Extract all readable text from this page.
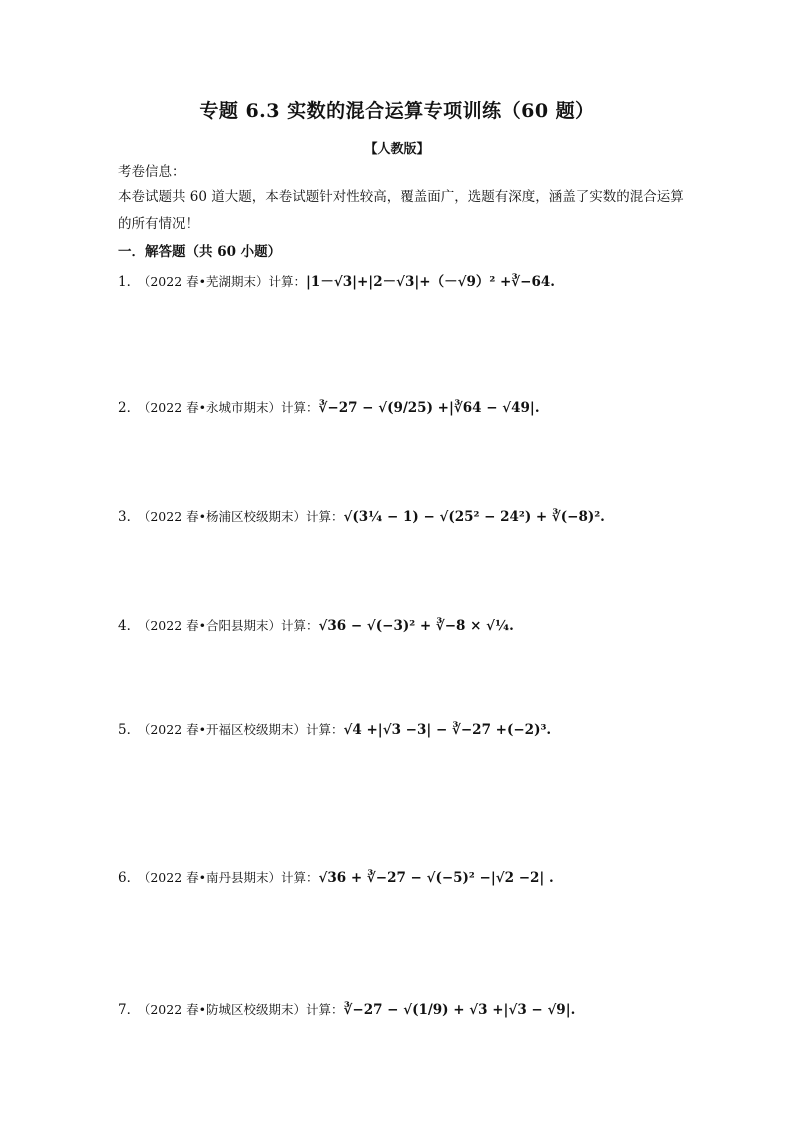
专题 6.3 实数的混合运算专项训练（60 题）
【人教版】
考卷信息：
本卷试题共 60 道大题，本卷试题针对性较高，覆盖面广，选题有深度，涵盖了实数的混合运算的所有情况！
一．解答题（共 60 小题）
1． （2022 春•芜湖期末）计算：|1－√3|+|2－√3|+（－√9）² +∛−64.
2． （2022 春•永城市期末）计算：∛−27 − √(9/25) +|∛64 − √49|.
3． （2022 春•杨浦区校级期末）计算：√(3¼ − 1) − √(25² − 24²) + ∛(−8)².
4． （2022 春•合阳县期末）计算：√36 − √(−3)² + ∛−8 × √¼.
5． （2022 春•开福区校级期末）计算：√4 +|√3 −3| − ∛−27 +(−2)³.
6． （2022 春•南丹县期末）计算：√36 + ∛−27 − √(−5)² −|√2 −2| .
7． （2022 春•防城区校级期末）计算：∛−27 − √(1/9) + √3 +|√3 − √9|.
